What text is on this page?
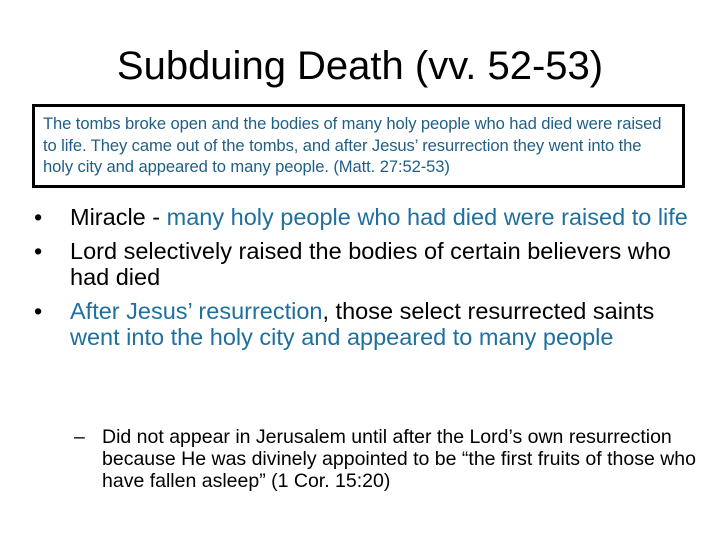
Subduing Death (vv. 52-53)
The tombs broke open and the bodies of many holy people who had died were raised to life. They came out of the tombs, and after Jesus’ resurrection they went into the holy city and appeared to many people. (Matt. 27:52-53)
•	Miracle - many holy people who had died were raised to life
•	Lord selectively raised the bodies of certain believers who had died
•	After Jesus’ resurrection, those select resurrected saints went into the holy city and appeared to many people
– Did not appear in Jerusalem until after the Lord’s own resurrection because He was divinely appointed to be “the first fruits of those who have fallen asleep” (1 Cor. 15:20)
